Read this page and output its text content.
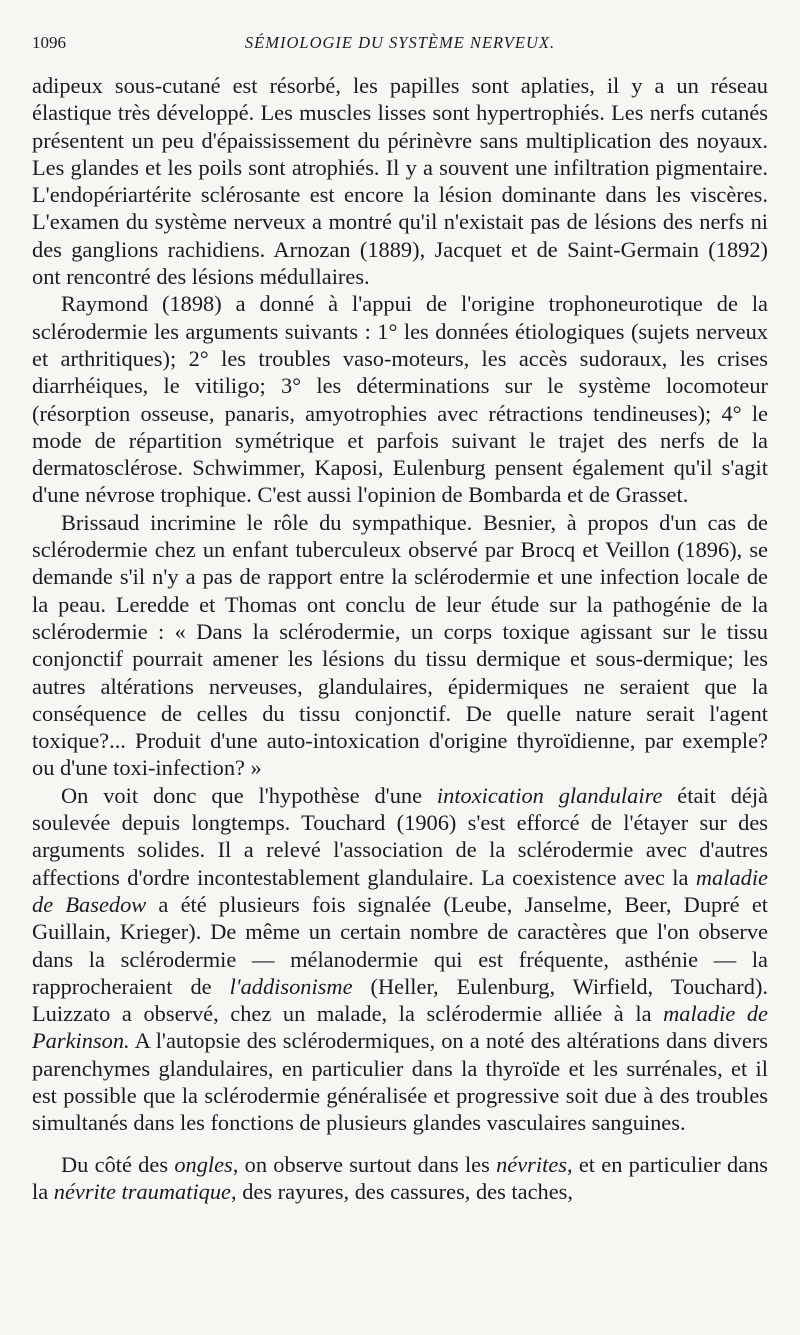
1096	SÉMIOLOGIE DU SYSTÈME NERVEUX.

adipeux sous-cutané est résorbé, les papilles sont aplaties, il y a un réseau élastique très développé. Les muscles lisses sont hypertrophiés. Les nerfs cutanés présentent un peu d'épaississement du périnèvre sans multiplication des noyaux. Les glandes et les poils sont atrophiés. Il y a souvent une infiltration pigmentaire. L'endopériartérite sclérosante est encore la lésion dominante dans les viscères. L'examen du système nerveux a montré qu'il n'existait pas de lésions des nerfs ni des ganglions rachidiens. Arnozan (1889), Jacquet et de Saint-Germain (1892) ont rencontré des lésions médullaires.

Raymond (1898) a donné à l'appui de l'origine trophoneurotique de la sclérodermie les arguments suivants : 1° les données étiologiques (sujets nerveux et arthritiques); 2° les troubles vaso-moteurs, les accès sudoraux, les crises diarrhéiques, le vitiligo; 3° les déterminations sur le système locomoteur (résorption osseuse, panaris, amyotrophies avec rétractions tendineuses); 4° le mode de répartition symétrique et parfois suivant le trajet des nerfs de la dermatosclérose. Schwimmer, Kaposi, Eulenburg pensent également qu'il s'agit d'une névrose trophique. C'est aussi l'opinion de Bombarda et de Grasset.

Brissaud incrimine le rôle du sympathique. Besnier, à propos d'un cas de sclérodermie chez un enfant tuberculeux observé par Brocq et Veillon (1896), se demande s'il n'y a pas de rapport entre la sclérodermie et une infection locale de la peau. Leredde et Thomas ont conclu de leur étude sur la pathogénie de la sclérodermie : « Dans la sclérodermie, un corps toxique agissant sur le tissu conjonctif pourrait amener les lésions du tissu dermique et sous-dermique; les autres altérations nerveuses, glandulaires, épidermiques ne seraient que la conséquence de celles du tissu conjonctif. De quelle nature serait l'agent toxique?... Produit d'une auto-intoxication d'origine thyroïdienne, par exemple? ou d'une toxi-infection? »

On voit donc que l'hypothèse d'une intoxication glandulaire était déjà soulevée depuis longtemps. Touchard (1906) s'est efforcé de l'étayer sur des arguments solides. Il a relevé l'association de la sclérodermie avec d'autres affections d'ordre incontestablement glandulaire. La coexistence avec la maladie de Basedow a été plusieurs fois signalée (Leube, Janselme, Beer, Dupré et Guillain, Krieger). De même un certain nombre de caractères que l'on observe dans la sclérodermie — mélanodermie qui est fréquente, asthénie — la rapprocheraient de l'addisonisme (Heller, Eulenburg, Wirfield, Touchard). Luizzato a observé, chez un malade, la sclérodermie alliée à la maladie de Parkinson. A l'autopsie des sclérodermiques, on a noté des altérations dans divers parenchymes glandulaires, en particulier dans la thyroïde et les surrénales, et il est possible que la sclérodermie généralisée et progressive soit due à des troubles simultanés dans les fonctions de plusieurs glandes vasculaires sanguines.

Du côté des ongles, on observe surtout dans les névrites, et en particulier dans la névrite traumatique, des rayures, des cassures, des taches,
